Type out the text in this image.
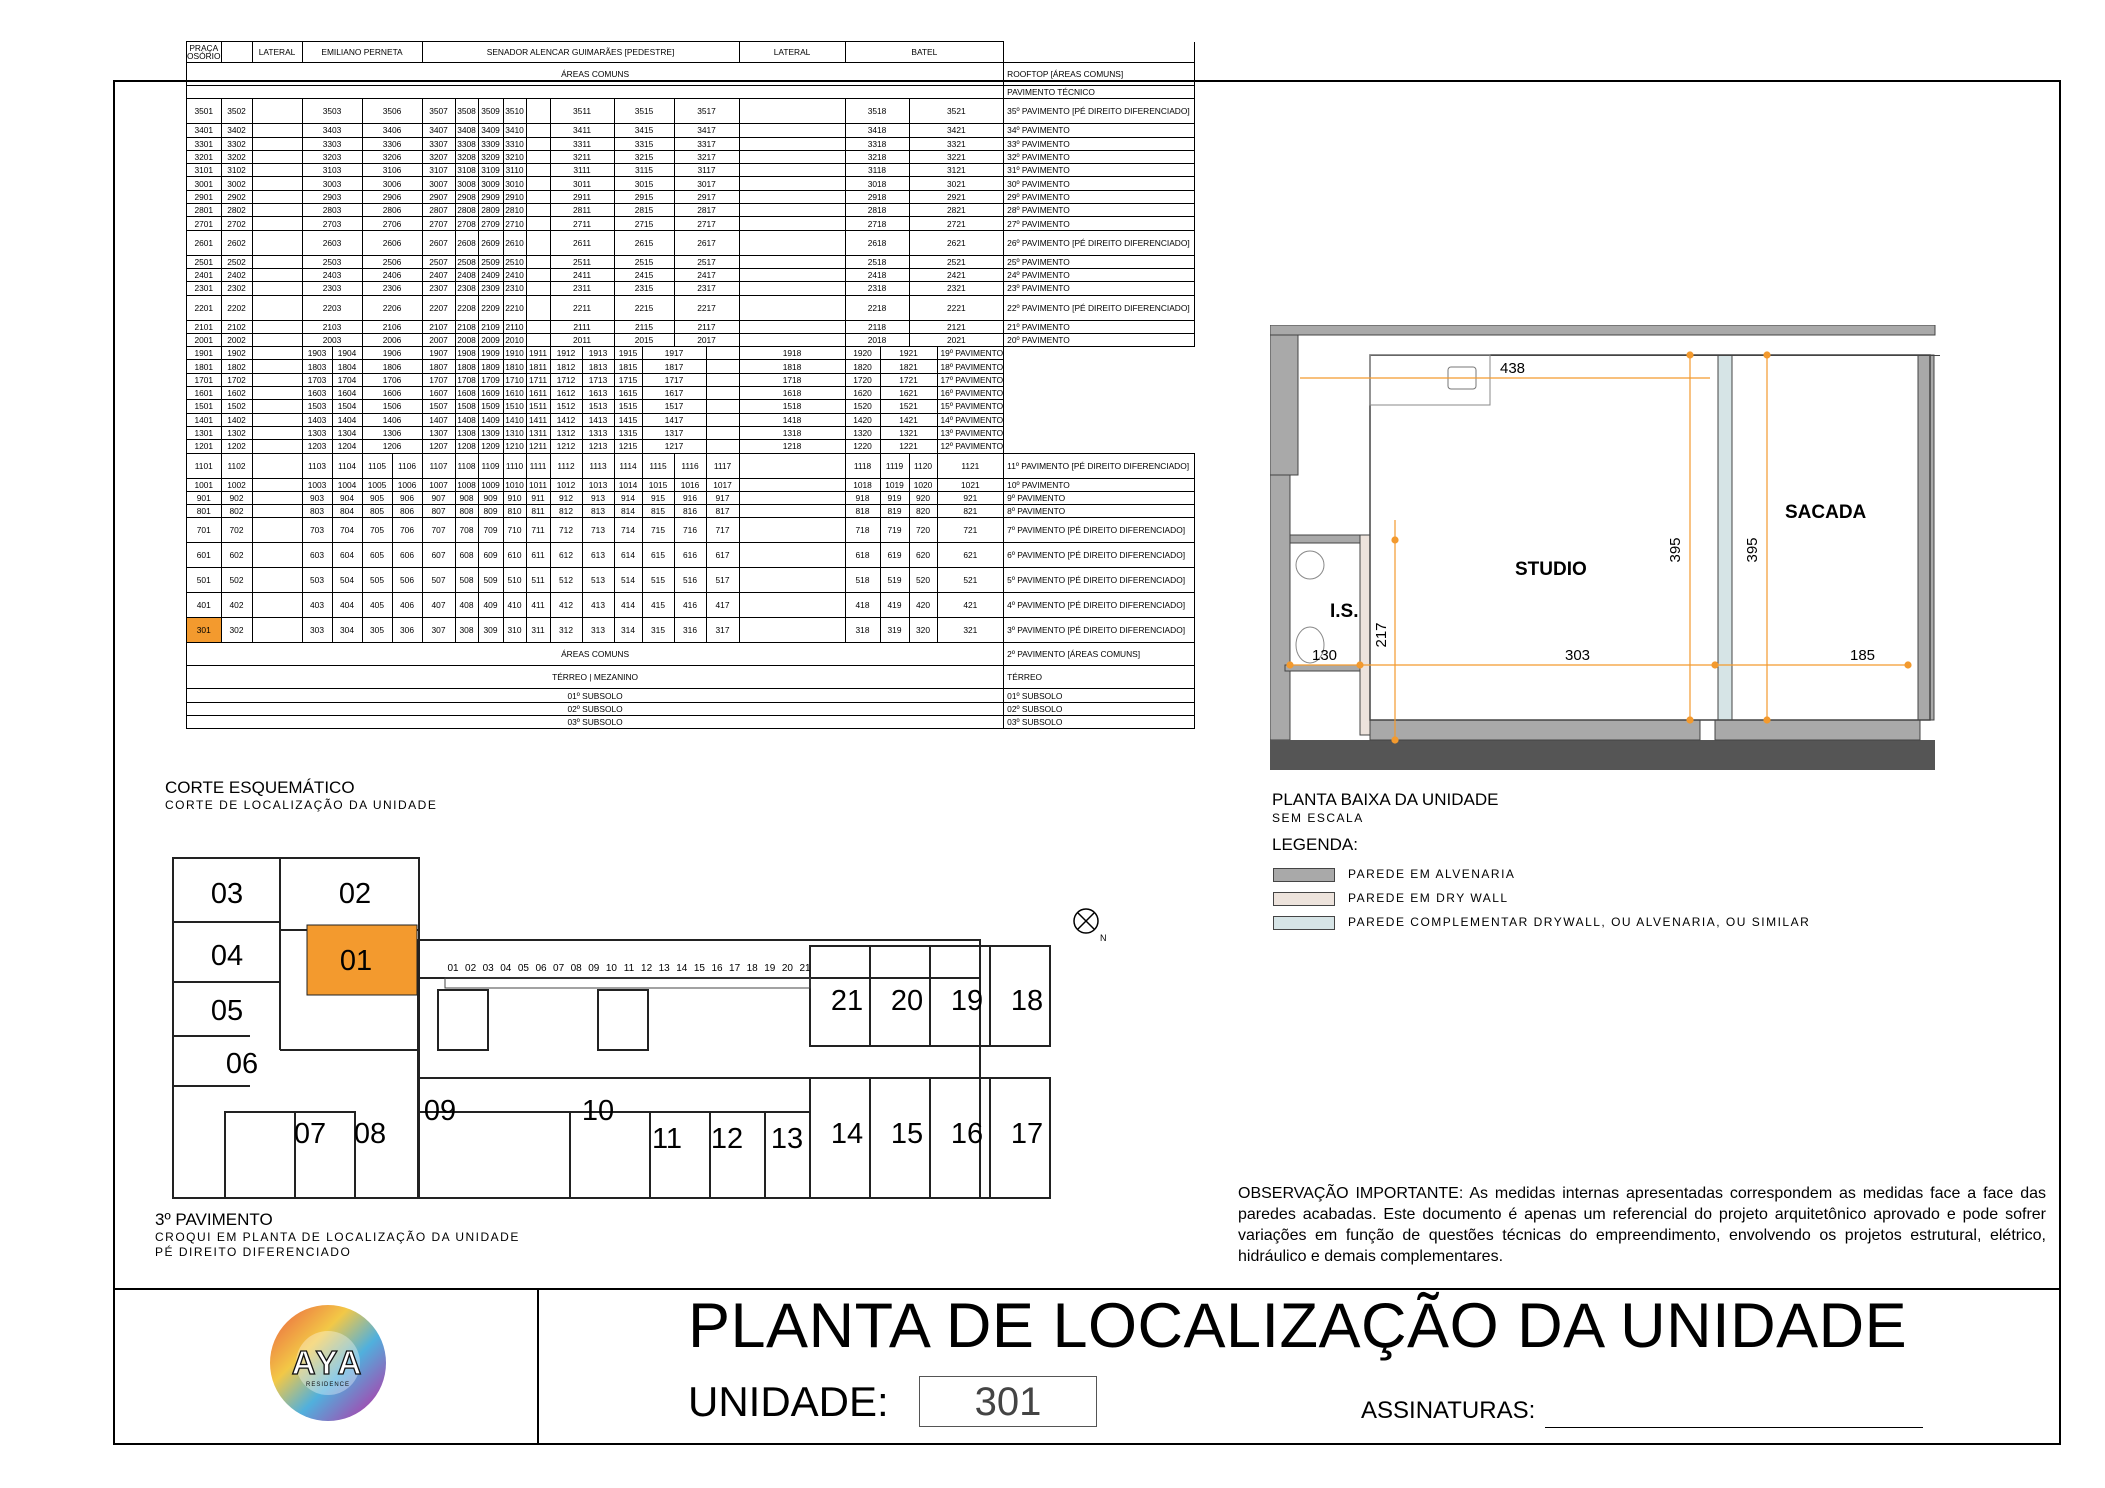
PRAÇA
OSÓRIO		LATERAL	EMILIANO PERNETA				SENADOR ALENCAR GUIMARÃES [PEDESTRE]											LATERAL	BATEL				
ÁREAS COMUNS																							ROOFTOP [ÁREAS COMUNS]
																							PAVIMENTO TÉCNICO
3501	3502		3503		3506		3507	3508	3509	3510		3511		3515		3517			3518		3521		35º PAVIMENTO [PÉ DIREITO DIFERENCIADO]
3401	3402		3403		3406		3407	3408	3409	3410		3411		3415		3417			3418		3421		34º PAVIMENTO
3301	3302		3303		3306		3307	3308	3309	3310		3311		3315		3317			3318		3321		33º PAVIMENTO
3201	3202		3203		3206		3207	3208	3209	3210		3211		3215		3217			3218		3221		32º PAVIMENTO
3101	3102		3103		3106		3107	3108	3109	3110		3111		3115		3117			3118		3121		31º PAVIMENTO
3001	3002		3003		3006		3007	3008	3009	3010		3011		3015		3017			3018		3021		30º PAVIMENTO
2901	2902		2903		2906		2907	2908	2909	2910		2911		2915		2917			2918		2921		29º PAVIMENTO
2801	2802		2803		2806		2807	2808	2809	2810		2811		2815		2817			2818		2821		28º PAVIMENTO
2701	2702		2703		2706		2707	2708	2709	2710		2711		2715		2717			2718		2721		27º PAVIMENTO
2601	2602		2603		2606		2607	2608	2609	2610		2611		2615		2617			2618		2621		26º PAVIMENTO [PÉ DIREITO DIFERENCIADO]
2501	2502		2503		2506		2507	2508	2509	2510		2511		2515		2517			2518		2521		25º PAVIMENTO
2401	2402		2403		2406		2407	2408	2409	2410		2411		2415		2417			2418		2421		24º PAVIMENTO
2301	2302		2303		2306		2307	2308	2309	2310		2311		2315		2317			2318		2321		23º PAVIMENTO
2201	2202		2203		2206		2207	2208	2209	2210		2211		2215		2217			2218		2221		22º PAVIMENTO [PÉ DIREITO DIFERENCIADO]
2101	2102		2103		2106		2107	2108	2109	2110		2111		2115		2117			2118		2121		21º PAVIMENTO
2001	2002		2003		2006		2007	2008	2009	2010		2011		2015		2017			2018		2021		20º PAVIMENTO
1901	1902		1903	1904	1906		1907	1908	1909	1910	1911	1912	1913	1915	1917			1918	1920	1921		19º PAVIMENTO	
1801	1802		1803	1804	1806		1807	1808	1809	1810	1811	1812	1813	1815	1817			1818	1820	1821		18º PAVIMENTO	
1701	1702		1703	1704	1706		1707	1708	1709	1710	1711	1712	1713	1715	1717			1718	1720	1721		17º PAVIMENTO	
1601	1602		1603	1604	1606		1607	1608	1609	1610	1611	1612	1613	1615	1617			1618	1620	1621		16º PAVIMENTO	
1501	1502		1503	1504	1506		1507	1508	1509	1510	1511	1512	1513	1515	1517			1518	1520	1521		15º PAVIMENTO	
1401	1402		1403	1404	1406		1407	1408	1409	1410	1411	1412	1413	1415	1417			1418	1420	1421		14º PAVIMENTO	
1301	1302		1303	1304	1306		1307	1308	1309	1310	1311	1312	1313	1315	1317			1318	1320	1321		13º PAVIMENTO	
1201	1202		1203	1204	1206		1207	1208	1209	1210	1211	1212	1213	1215	1217			1218	1220	1221		12º PAVIMENTO	
1101	1102		1103	1104	1105	1106	1107	1108	1109	1110	1111	1112	1113	1114	1115	1116	1117		1118	1119	1120	1121	11º PAVIMENTO [PÉ DIREITO DIFERENCIADO]
1001	1002		1003	1004	1005	1006	1007	1008	1009	1010	1011	1012	1013	1014	1015	1016	1017		1018	1019	1020	1021	10º PAVIMENTO
901	902		903	904	905	906	907	908	909	910	911	912	913	914	915	916	917		918	919	920	921	9º PAVIMENTO
801	802		803	804	805	806	807	808	809	810	811	812	813	814	815	816	817		818	819	820	821	8º PAVIMENTO
701	702		703	704	705	706	707	708	709	710	711	712	713	714	715	716	717		718	719	720	721	7º PAVIMENTO [PÉ DIREITO DIFERENCIADO]
601	602		603	604	605	606	607	608	609	610	611	612	613	614	615	616	617		618	619	620	621	6º PAVIMENTO [PÉ DIREITO DIFERENCIADO]
501	502		503	504	505	506	507	508	509	510	511	512	513	514	515	516	517		518	519	520	521	5º PAVIMENTO [PÉ DIREITO DIFERENCIADO]
401	402		403	404	405	406	407	408	409	410	411	412	413	414	415	416	417		418	419	420	421	4º PAVIMENTO [PÉ DIREITO DIFERENCIADO]
301	302		303	304	305	306	307	308	309	310	311	312	313	314	315	316	317		318	319	320	321	3º PAVIMENTO [PÉ DIREITO DIFERENCIADO]
ÁREAS COMUNS																							2º PAVIMENTO [ÁREAS COMUNS]
TÉRREO | MEZANINO																							TÉRREO
01º SUBSOLO																							01º SUBSOLO
02º SUBSOLO																							02º SUBSOLO
03º SUBSOLO																							03º SUBSOLO
CORTE ESQUEMÁTICO
CORTE DE LOCALIZAÇÃO DA UNIDADE
01 02 03 04 05 06 07 08 09 10 11 12 13 14 15 16 17 18 19 20 21
01
02
03
04
05
06
07 08
09	10
11 12 13 14 15 16 17
18
19
20
21
N
3º PAVIMENTO
CROQUI EM PLANTA DE LOCALIZAÇÃO DA UNIDADE
PÉ DIREITO DIFERENCIADO
438
395	395
217
130	303	185
STUDIO
SACADA
I.S.
PLANTA BAIXA DA UNIDADE
SEM ESCALA
LEGENDA:
PAREDE EM ALVENARIA
PAREDE EM DRY WALL
PAREDE COMPLEMENTAR DRYWALL, OU ALVENARIA, OU SIMILAR
OBSERVAÇÃO IMPORTANTE: As medidas internas apresentadas correspondem as medidas face a face das paredes acabadas. Este documento é apenas um referencial do projeto arquitetônico aprovado e pode sofrer variações em função de questões técnicas do empreendimento, envolvendo os projetos estrutural, elétrico, hidráulico e demais complementares.
AYA
RESIDENCE
PLANTA DE LOCALIZAÇÃO DA UNIDADE
UNIDADE:	301	ASSINATURAS:
